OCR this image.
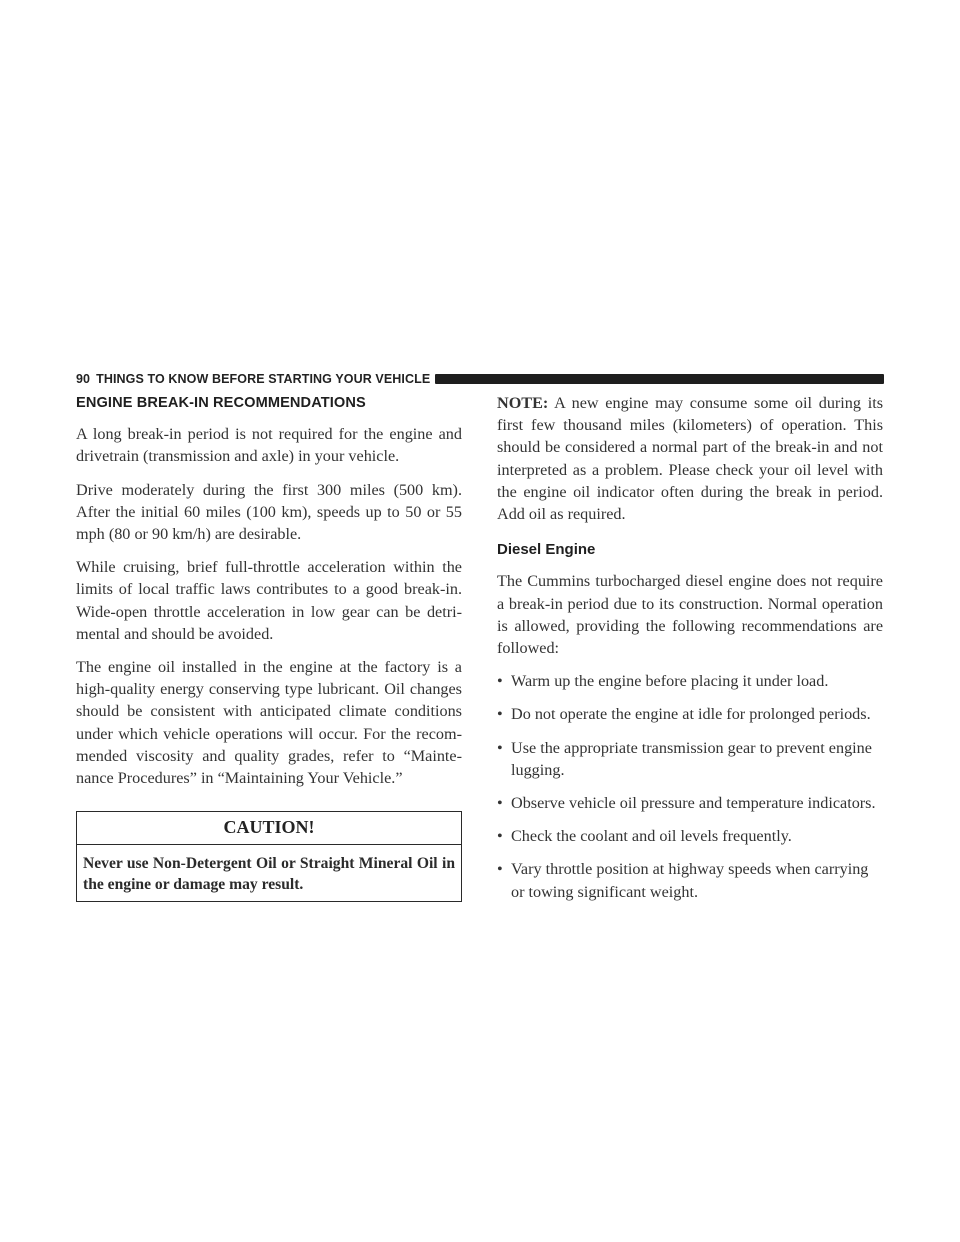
90 THINGS TO KNOW BEFORE STARTING YOUR VEHICLE
ENGINE BREAK-IN RECOMMENDATIONS

A long break-in period is not required for the engine and drivetrain (transmission and axle) in your vehicle.

Drive moderately during the first 300 miles (500 km). After the initial 60 miles (100 km), speeds up to 50 or 55 mph (80 or 90 km/h) are desirable.

While cruising, brief full-throttle acceleration within the limits of local traffic laws contributes to a good break-in. Wide-open throttle acceleration in low gear can be detri-mental and should be avoided.

The engine oil installed in the engine at the factory is a high-quality energy conserving type lubricant. Oil changes should be consistent with anticipated climate conditions under which vehicle operations will occur. For the recom-mended viscosity and quality grades, refer to “Mainte-nance Procedures” in “Maintaining Your Vehicle.”

CAUTION!
Never use Non-Detergent Oil or Straight Mineral Oil in the engine or damage may result.

NOTE: A new engine may consume some oil during its first few thousand miles (kilometers) of operation. This should be considered a normal part of the break-in and not interpreted as a problem. Please check your oil level with the engine oil indicator often during the break in period. Add oil as required.

Diesel Engine

The Cummins turbocharged diesel engine does not require a break-in period due to its construction. Normal operation is allowed, providing the following recommendations are followed:

• Warm up the engine before placing it under load.
• Do not operate the engine at idle for prolonged periods.
• Use the appropriate transmission gear to prevent engine lugging.
• Observe vehicle oil pressure and temperature indicators.
• Check the coolant and oil levels frequently.
• Vary throttle position at highway speeds when carrying or towing significant weight.
